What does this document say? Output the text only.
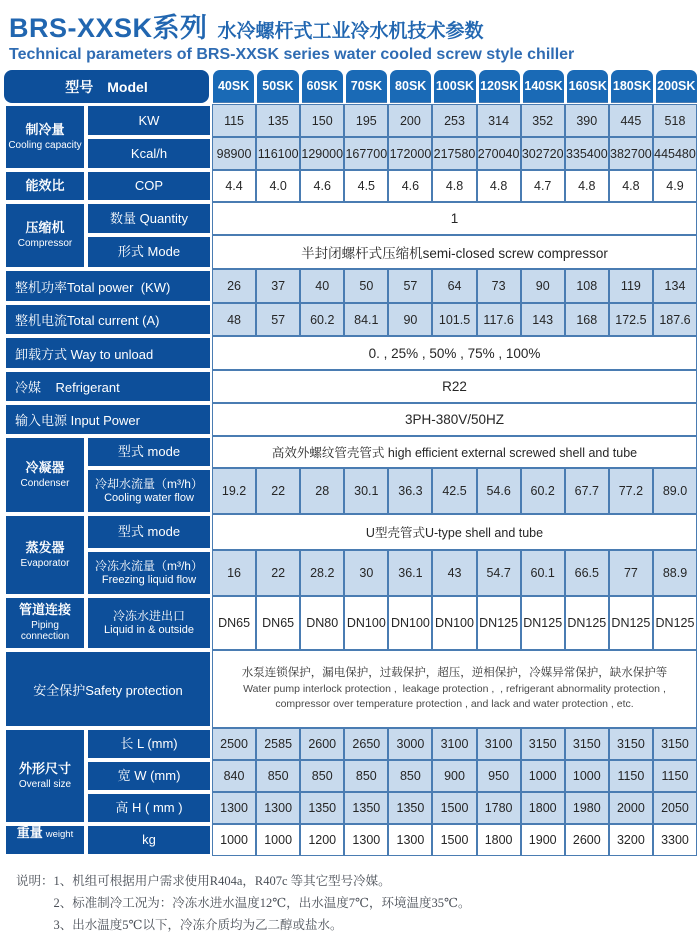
BRS-XXSK系列 水冷螺杆式工业冷水机技术参数
Technical parameters of BRS-XXSK series water cooled screw style chiller
型号 Model	40SK	50SK	60SK	70SK	80SK 100SK 120SK 140SK 160SK 180SK 200SK
制冷量
Cooling capacity
KW	115	135	150	195	200	253	314	352	390	445	518
Kcal/h	98900 116100 129000 167700 172000 217580 270040 302720 335400 382700 445480
能效比	COP	4.4	4.0	4.6	4.5	4.6	4.8	4.8	4.7	4.8	4.8	4.9
压缩机
Compressor
数量 Quantity	1
形式 Mode	半封闭螺杆式压缩机semi-closed screw compressor
整机功率Total power  (KW)	26	37	40	50	57	64	73	90	108	119	134
整机电流Total current (A)	48	57	60.2	84.1	90	101.5	117.6	143	168	172.5	187.6
卸载方式 Way to unload	0. , 25% , 50% , 75% , 100%
冷媒    Refrigerant	R22
输入电源 Input Power	3PH-380V/50HZ
冷凝器
Condenser
型式 mode	高效外螺纹管壳管式 high efficient external screwed shell and tube
冷却水流量（m³/h）
Cooling water flow	19.2	22	28	30.1	36.3	42.5	54.6	60.2	67.7	77.2	89.0
蒸发器
Evaporator
型式 mode	U型壳管式U-type shell and tube
冷冻水流量（m³/h）
Freezing liquid flow	16	22	28.2	30	36.1	43	54.7	60.1	66.5	77	88.9
管道连接
Piping connection
冷冻水进出口
Liquid in & outside	DN65 DN65 DN80 DN100 DN100 DN100 DN125 DN125 DN125 DN125 DN125
安全保护Safety protection
水泵连锁保护，漏电保护，过载保护，超压，逆相保护，冷媒异常保护，缺水保护等
Water pump interlock protection ,  leakage protection ,  , refrigerant abnormality protection ,
compressor over temperature protection , and lack and water protection , etc.
外形尺寸
Overall size
长 L (mm)	2500	2585	2600	2650	3000	3100	3100	3150	3150	3150	3150
宽 W (mm)	840	850	850	850	850	900	950	1000	1000	1150	1150
高 H ( mm )	1300	1300	1350	1350	1350	1500	1780	1800	1980	2000	2050
重量 weight	kg	1000	1000	1200	1300	1300	1500	1800	1900	2600	3200	3300
说明： 1、机组可根据用户需求使用R404a，R407c 等其它型号冷媒。
2、标准制冷工况为：冷冻水进水温度12℃，出水温度7℃，环境温度35℃。
3、出水温度5℃以下，冷冻介质均为乙二醇或盐水。
